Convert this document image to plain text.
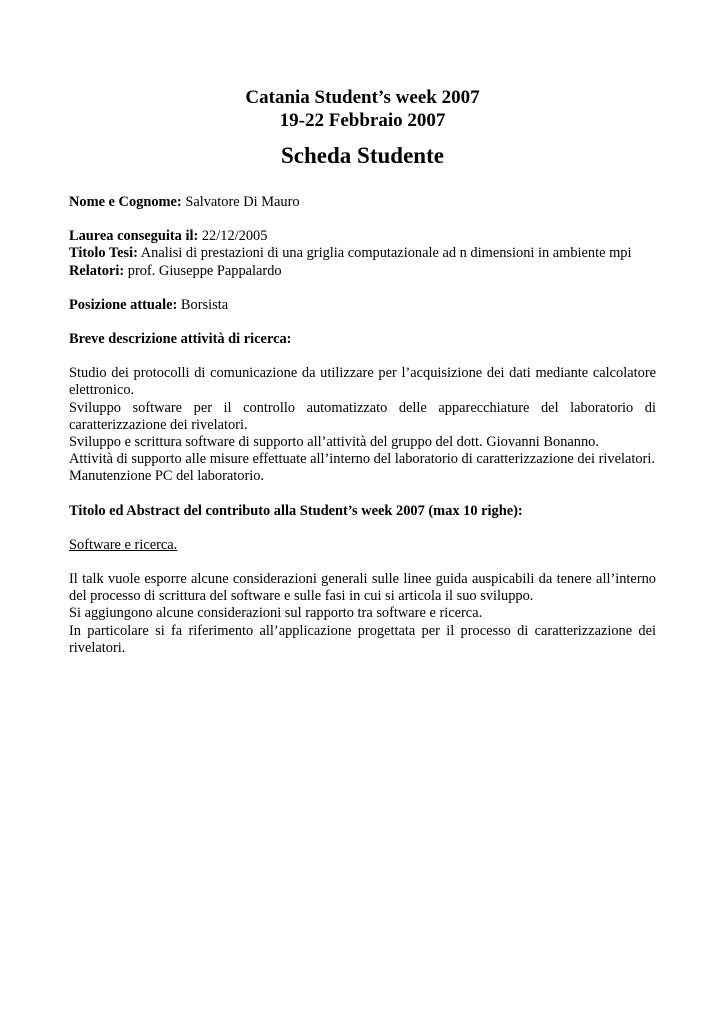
Catania Student’s week 2007
19-22 Febbraio 2007
Scheda Studente

Nome e Cognome: Salvatore Di Mauro

Laurea conseguita il: 22/12/2005

Titolo Tesi: Analisi di prestazioni di una griglia computazionale ad n dimensioni in ambiente mpi

Relatori: prof. Giuseppe Pappalardo

Posizione attuale: Borsista

Breve descrizione attività di ricerca:

Studio dei protocolli di comunicazione da utilizzare per l’acquisizione dei dati mediante calcolatore elettronico.

Sviluppo software per il controllo automatizzato delle apparecchiature del laboratorio di caratterizzazione dei rivelatori.

Sviluppo e scrittura software di supporto all’attività del gruppo del dott. Giovanni Bonanno.

Attività di supporto alle misure effettuate all’interno del laboratorio di caratterizzazione dei rivelatori.

Manutenzione PC del laboratorio.

Titolo ed Abstract del contributo alla Student’s week 2007 (max 10 righe):

Software e ricerca.

Il talk vuole esporre alcune considerazioni generali sulle linee guida auspicabili da tenere all’interno del processo di scrittura del software e sulle fasi in cui si articola il suo sviluppo.

Si aggiungono alcune considerazioni sul rapporto tra software e ricerca.

In particolare si fa riferimento all’applicazione progettata per il processo di caratterizzazione dei rivelatori.
